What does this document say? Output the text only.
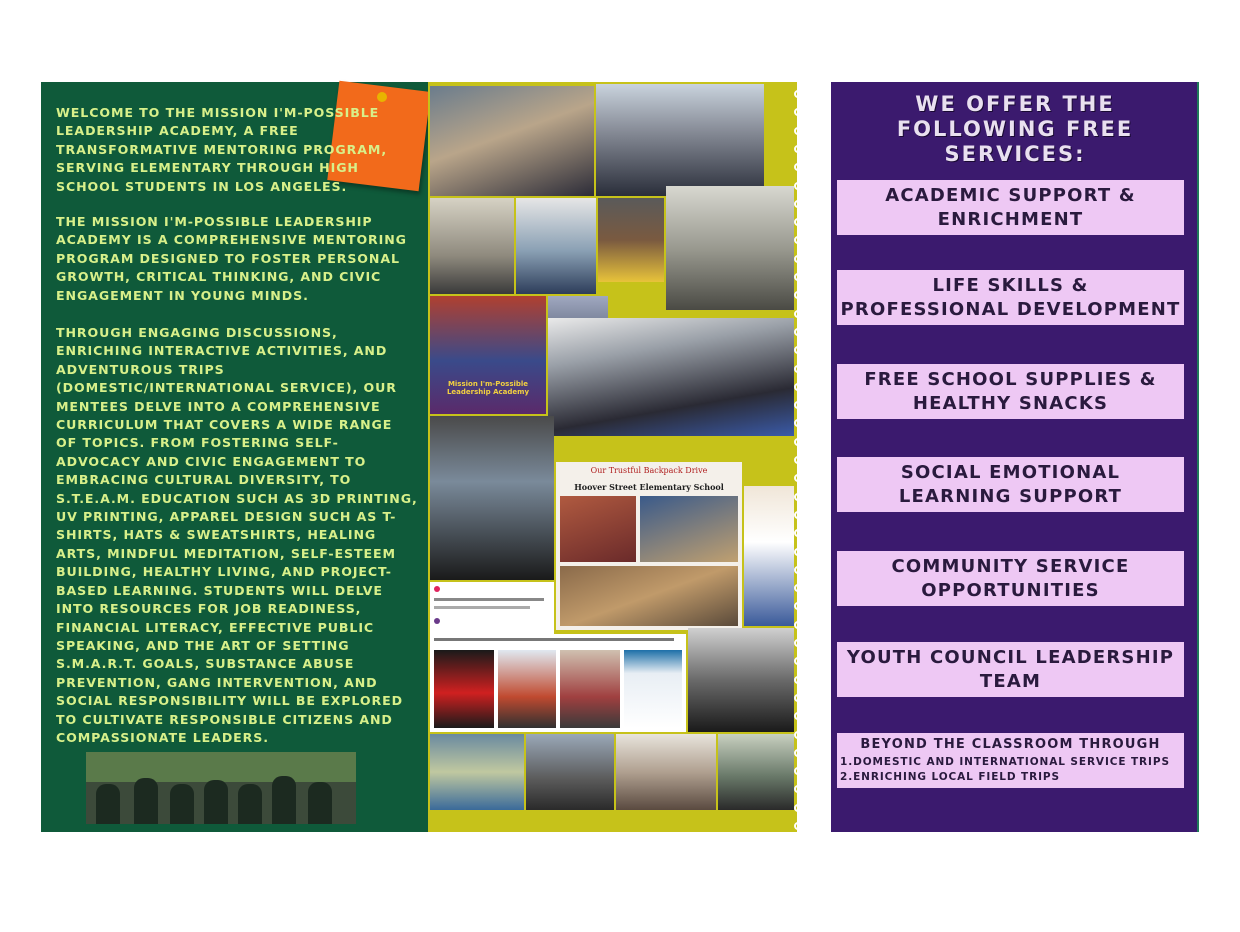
WELCOME TO THE MISSION I'M-POSSIBLE LEADERSHIP ACADEMY, A FREE TRANSFORMATIVE MENTORING PROGRAM, SERVING ELEMENTARY THROUGH HIGH SCHOOL STUDENTS IN LOS ANGELES.

THE MISSION I'M-POSSIBLE LEADERSHIP ACADEMY IS A COMPREHENSIVE MENTORING PROGRAM DESIGNED TO FOSTER PERSONAL GROWTH, CRITICAL THINKING, AND CIVIC ENGAGEMENT IN YOUNG MINDS.

THROUGH ENGAGING DISCUSSIONS, ENRICHING INTERACTIVE ACTIVITIES, AND ADVENTUROUS TRIPS (DOMESTIC/INTERNATIONAL SERVICE), OUR MENTEES DELVE INTO A COMPREHENSIVE CURRICULUM THAT COVERS A WIDE RANGE OF TOPICS. FROM FOSTERING SELF-ADVOCACY AND CIVIC ENGAGEMENT TO EMBRACING CULTURAL DIVERSITY, TO S.T.E.A.M. EDUCATION SUCH AS 3D PRINTING, UV PRINTING, APPAREL DESIGN SUCH AS T-SHIRTS, HATS & SWEATSHIRTS, HEALING ARTS, MINDFUL MEDITATION, SELF-ESTEEM BUILDING, HEALTHY LIVING, AND PROJECT-BASED LEARNING. STUDENTS WILL DELVE INTO RESOURCES FOR JOB READINESS, FINANCIAL LITERACY, EFFECTIVE PUBLIC SPEAKING, AND THE ART OF SETTING S.M.A.R.T. GOALS, SUBSTANCE ABUSE PREVENTION, GANG INTERVENTION, AND SOCIAL RESPONSIBILITY WILL BE EXPLORED TO CULTIVATE RESPONSIBLE CITIZENS AND COMPASSIONATE LEADERS.

Mission I'm-Possible Leadership Academy
Our Trustful Backpack Drive
Hoover Street Elementary School
WE OFFER THE
FOLLOWING FREE
SERVICES:
ACADEMIC SUPPORT &
ENRICHMENT
LIFE SKILLS &
PROFESSIONAL DEVELOPMENT
FREE SCHOOL SUPPLIES &
HEALTHY SNACKS
SOCIAL EMOTIONAL
LEARNING SUPPORT
COMMUNITY SERVICE
OPPORTUNITIES
YOUTH COUNCIL LEADERSHIP
TEAM
BEYOND THE CLASSROOM THROUGH
1.DOMESTIC AND INTERNATIONAL SERVICE TRIPS
2.ENRICHING LOCAL FIELD TRIPS
